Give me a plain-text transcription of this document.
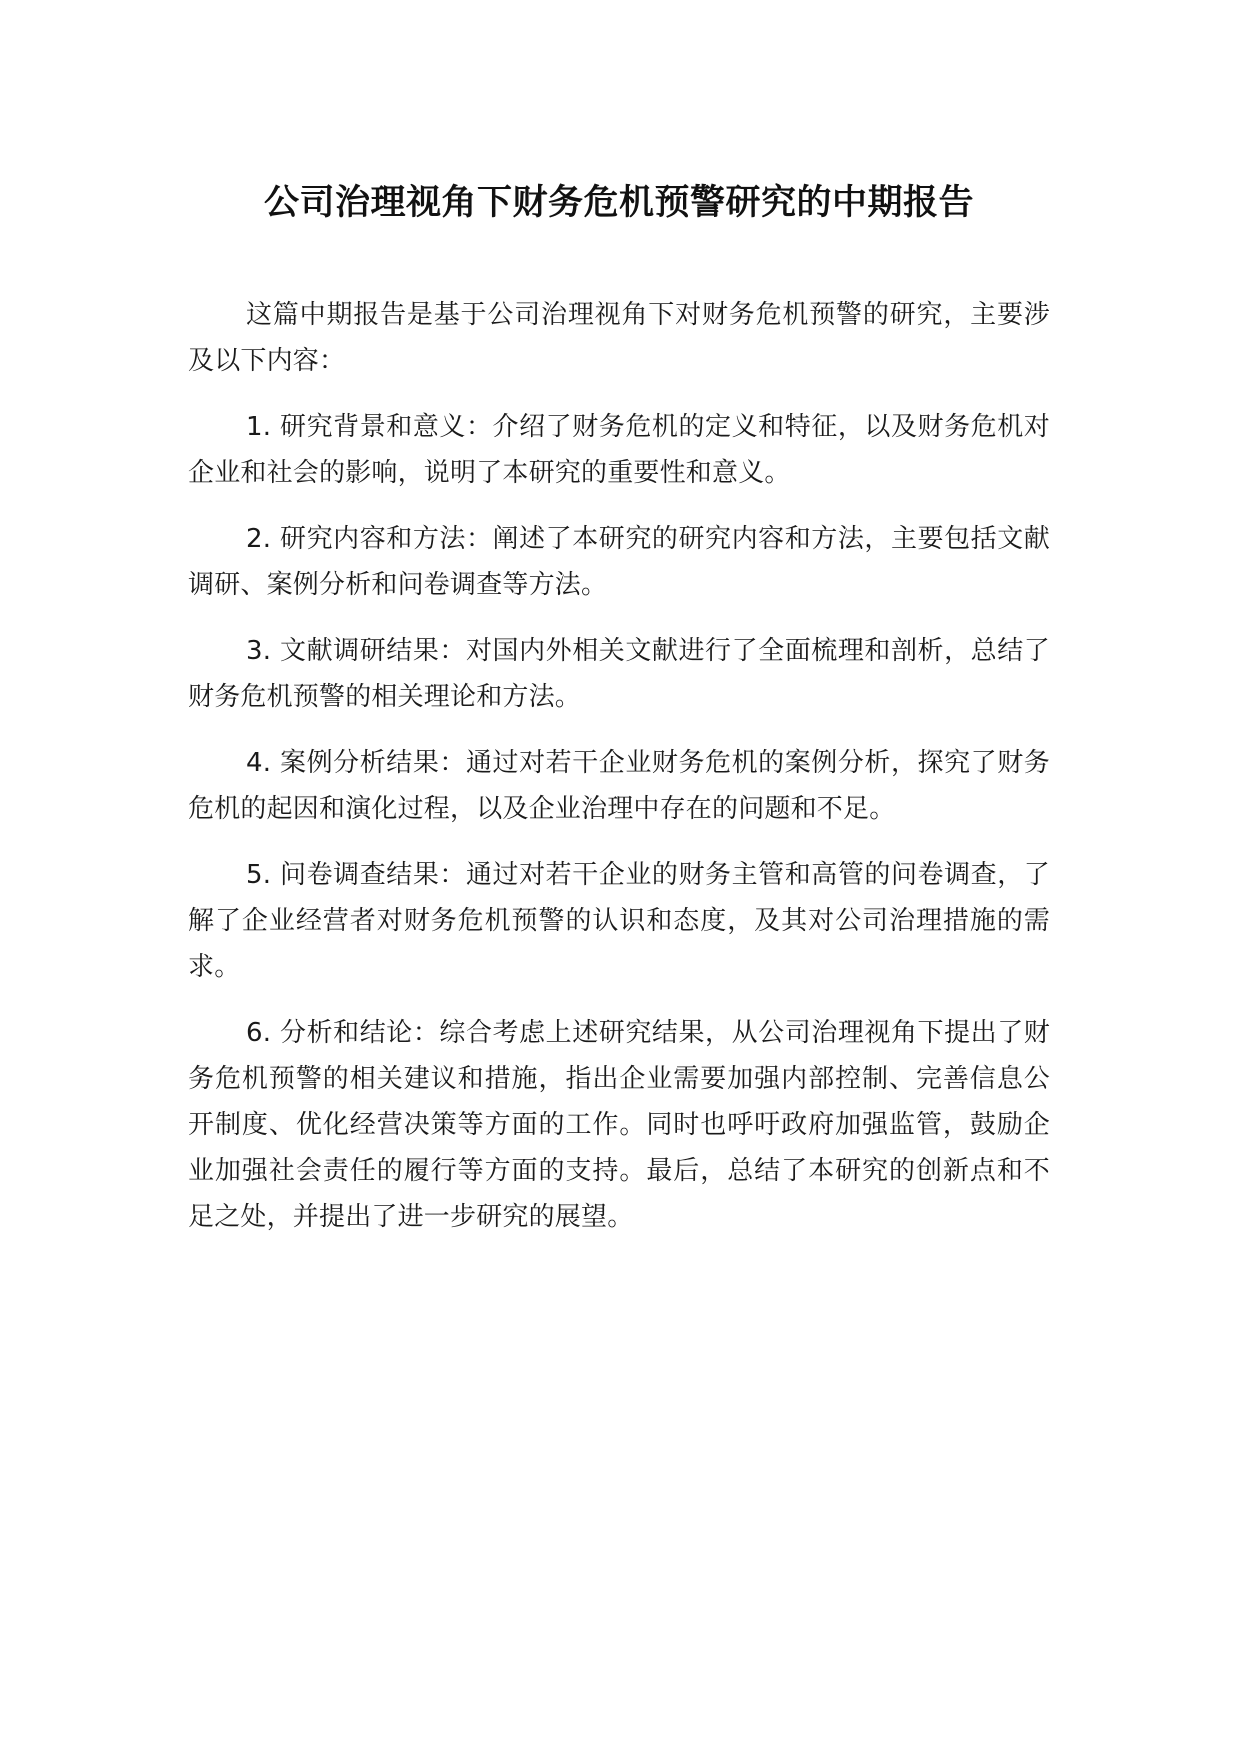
公司治理视角下财务危机预警研究的中期报告

这篇中期报告是基于公司治理视角下对财务危机预警的研究，主要涉及以下内容：

1. 研究背景和意义：介绍了财务危机的定义和特征，以及财务危机对企业和社会的影响，说明了本研究的重要性和意义。

2. 研究内容和方法：阐述了本研究的研究内容和方法，主要包括文献调研、案例分析和问卷调查等方法。

3. 文献调研结果：对国内外相关文献进行了全面梳理和剖析，总结了财务危机预警的相关理论和方法。

4. 案例分析结果：通过对若干企业财务危机的案例分析，探究了财务危机的起因和演化过程，以及企业治理中存在的问题和不足。

5. 问卷调查结果：通过对若干企业的财务主管和高管的问卷调查，了解了企业经营者对财务危机预警的认识和态度，及其对公司治理措施的需求。

6. 分析和结论：综合考虑上述研究结果，从公司治理视角下提出了财务危机预警的相关建议和措施，指出企业需要加强内部控制、完善信息公开制度、优化经营决策等方面的工作。同时也呼吁政府加强监管，鼓励企业加强社会责任的履行等方面的支持。最后，总结了本研究的创新点和不足之处，并提出了进一步研究的展望。
